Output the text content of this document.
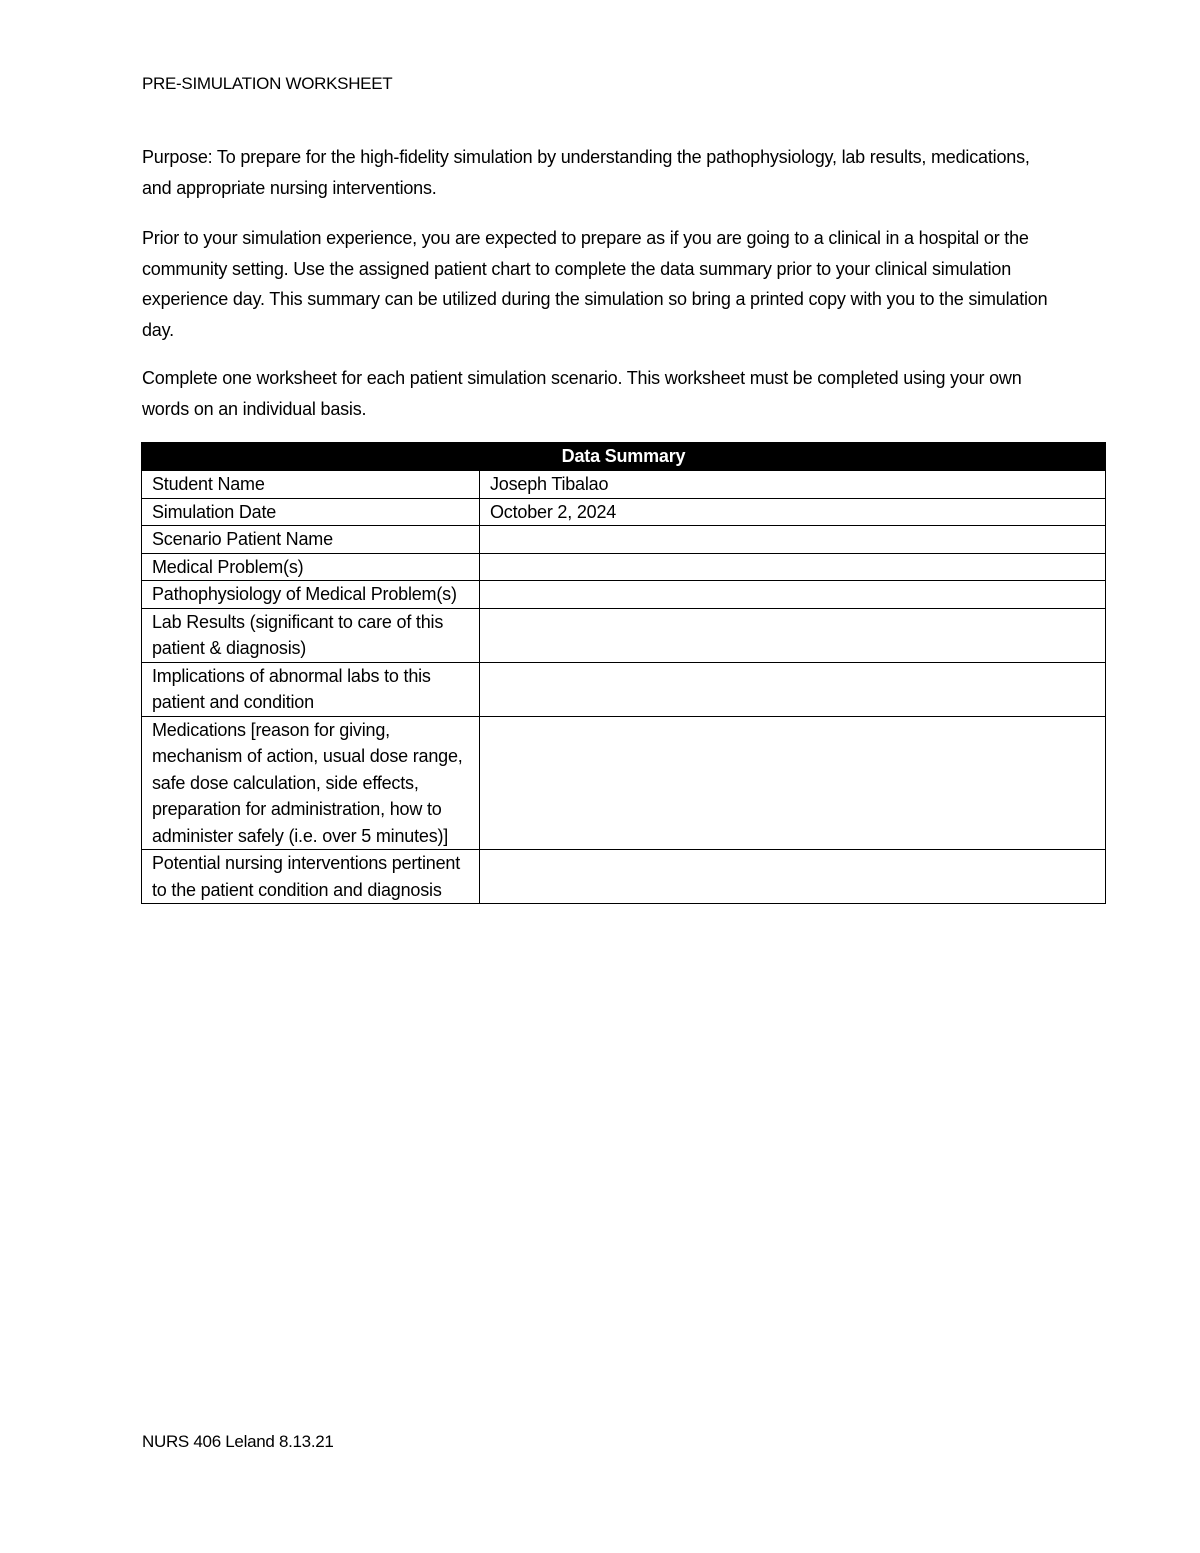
PRE-SIMULATION WORKSHEET

Purpose: To prepare for the high-fidelity simulation by understanding the pathophysiology, lab results, medications, and appropriate nursing interventions.

Prior to your simulation experience, you are expected to prepare as if you are going to a clinical in a hospital or the community setting. Use the assigned patient chart to complete the data summary prior to your clinical simulation experience day. This summary can be utilized during the simulation so bring a printed copy with you to the simulation day.

Complete one worksheet for each patient simulation scenario. This worksheet must be completed using your own words on an individual basis.

Data Summary	
Student Name	Joseph Tibalao
Simulation Date	October 2, 2024
Scenario Patient Name	
Medical Problem(s)	
Pathophysiology of Medical Problem(s)	
Lab Results (significant to care of this patient & diagnosis)	
Implications of abnormal labs to this patient and condition	
Medications [reason for giving, mechanism of action, usual dose range, safe dose calculation, side effects, preparation for administration, how to administer safely (i.e. over 5 minutes)]	
Potential nursing interventions pertinent to the patient condition and diagnosis	
NURS 406 Leland 8.13.21
